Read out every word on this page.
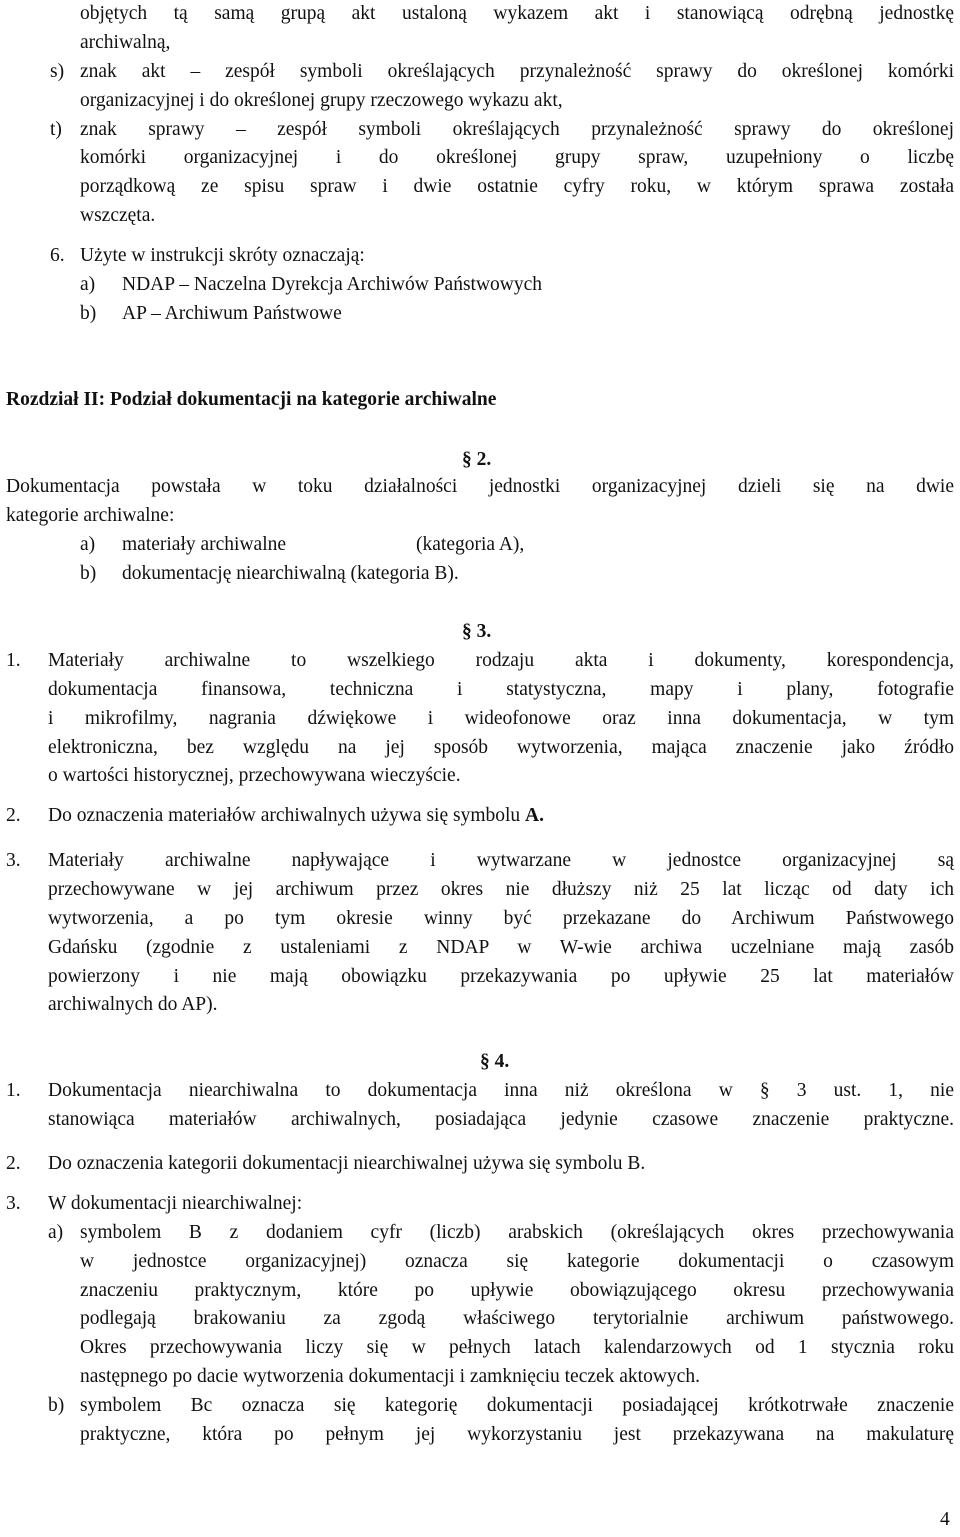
objętych tą samą grupą akt ustaloną wykazem akt i stanowiącą odrębną jednostkę
archiwalną,
s) znak akt – zespół symboli określających przynależność sprawy do określonej komórki
organizacyjnej i do określonej grupy rzeczowego wykazu akt,
t) znak sprawy – zespół symboli określających przynależność sprawy do określonej
komórki organizacyjnej i do określonej grupy spraw, uzupełniony o liczbę
porządkową ze spisu spraw i dwie ostatnie cyfry roku, w którym sprawa została
wszczęta.
6. Użyte w instrukcji skróty oznaczają:
a) NDAP – Naczelna Dyrekcja Archiwów Państwowych
b) AP – Archiwum Państwowe
Rozdział II: Podział dokumentacji na kategorie archiwalne
§ 2.
Dokumentacja powstała w toku działalności jednostki organizacyjnej dzieli się na dwie
kategorie archiwalne:
a) materiały archiwalne	(kategoria A),
b) dokumentację niearchiwalną (kategoria B).
§ 3.
1. Materiały archiwalne to wszelkiego rodzaju akta i dokumenty, korespondencja,
dokumentacja finansowa, techniczna i statystyczna, mapy i plany, fotografie
i mikrofilmy, nagrania dźwiękowe i wideofonowe oraz inna dokumentacja, w tym
elektroniczna, bez względu na jej sposób wytworzenia, mająca znaczenie jako źródło
o wartości historycznej, przechowywana wieczyście.
2. Do oznaczenia materiałów archiwalnych używa się symbolu A.
3. Materiały archiwalne napływające i wytwarzane w jednostce organizacyjnej są
przechowywane w jej archiwum przez okres nie dłuższy niż 25 lat licząc od daty ich
wytworzenia, a po tym okresie winny być przekazane do Archiwum Państwowego
Gdańsku (zgodnie z ustaleniami z NDAP w W-wie archiwa uczelniane mają zasób
powierzony i nie mają obowiązku przekazywania po upływie 25 lat materiałów
archiwalnych do AP).
§ 4.
1. Dokumentacja niearchiwalna to dokumentacja inna niż określona w § 3 ust. 1, nie
stanowiąca materiałów archiwalnych, posiadająca jedynie czasowe znaczenie praktyczne.
2. Do oznaczenia kategorii dokumentacji niearchiwalnej używa się symbolu B.
3. W dokumentacji niearchiwalnej:
a) symbolem B z dodaniem cyfr (liczb) arabskich (określających okres przechowywania
w jednostce organizacyjnej) oznacza się kategorie dokumentacji o czasowym
znaczeniu praktycznym, które po upływie obowiązującego okresu przechowywania
podlegają brakowaniu za zgodą właściwego terytorialnie archiwum państwowego.
Okres przechowywania liczy się w pełnych latach kalendarzowych od 1 stycznia roku
następnego po dacie wytworzenia dokumentacji i zamknięciu teczek aktowych.
b) symbolem Bc oznacza się kategorię dokumentacji posiadającej krótkotrwałe znaczenie
praktyczne, która po pełnym jej wykorzystaniu jest przekazywana na makulaturę
4
